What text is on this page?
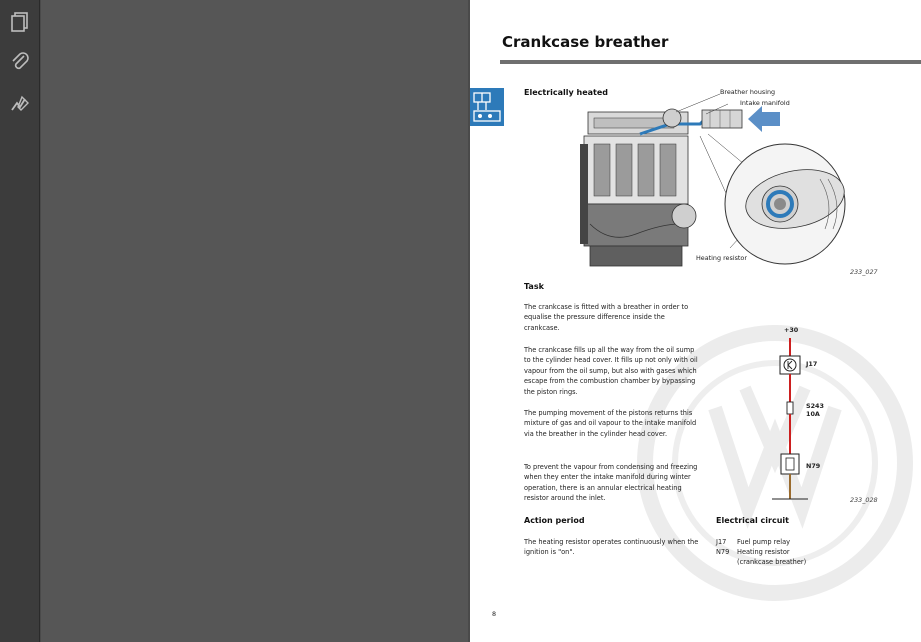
Crankcase breather
Electrically heated	Breather housing
Intake manifold
Heating resistor
233_027
Task
The crankcase is fitted with a breather in order to equalise the pressure difference inside the crankcase.
The crankcase fills up all the way from the oil sump to the cylinder head cover. It fills up not only with oil vapour from the oil sump, but also with gases which escape from the combustion chamber by bypassing the piston rings.
The pumping movement of the pistons returns this mixture of gas and oil vapour to the intake manifold via the breather in the cylinder head cover.
To prevent the vapour from condensing and freezing when they enter the intake manifold during winter operation, there is an annular electrical heating resistor around the inlet.
Action period
The heating resistor operates continuously when the ignition is "on".
+30
J17
S243
10A
N79
233_028
Electrical circuit
J17 Fuel pump relay
N79 Heating resistor
(crankcase breather)
8
